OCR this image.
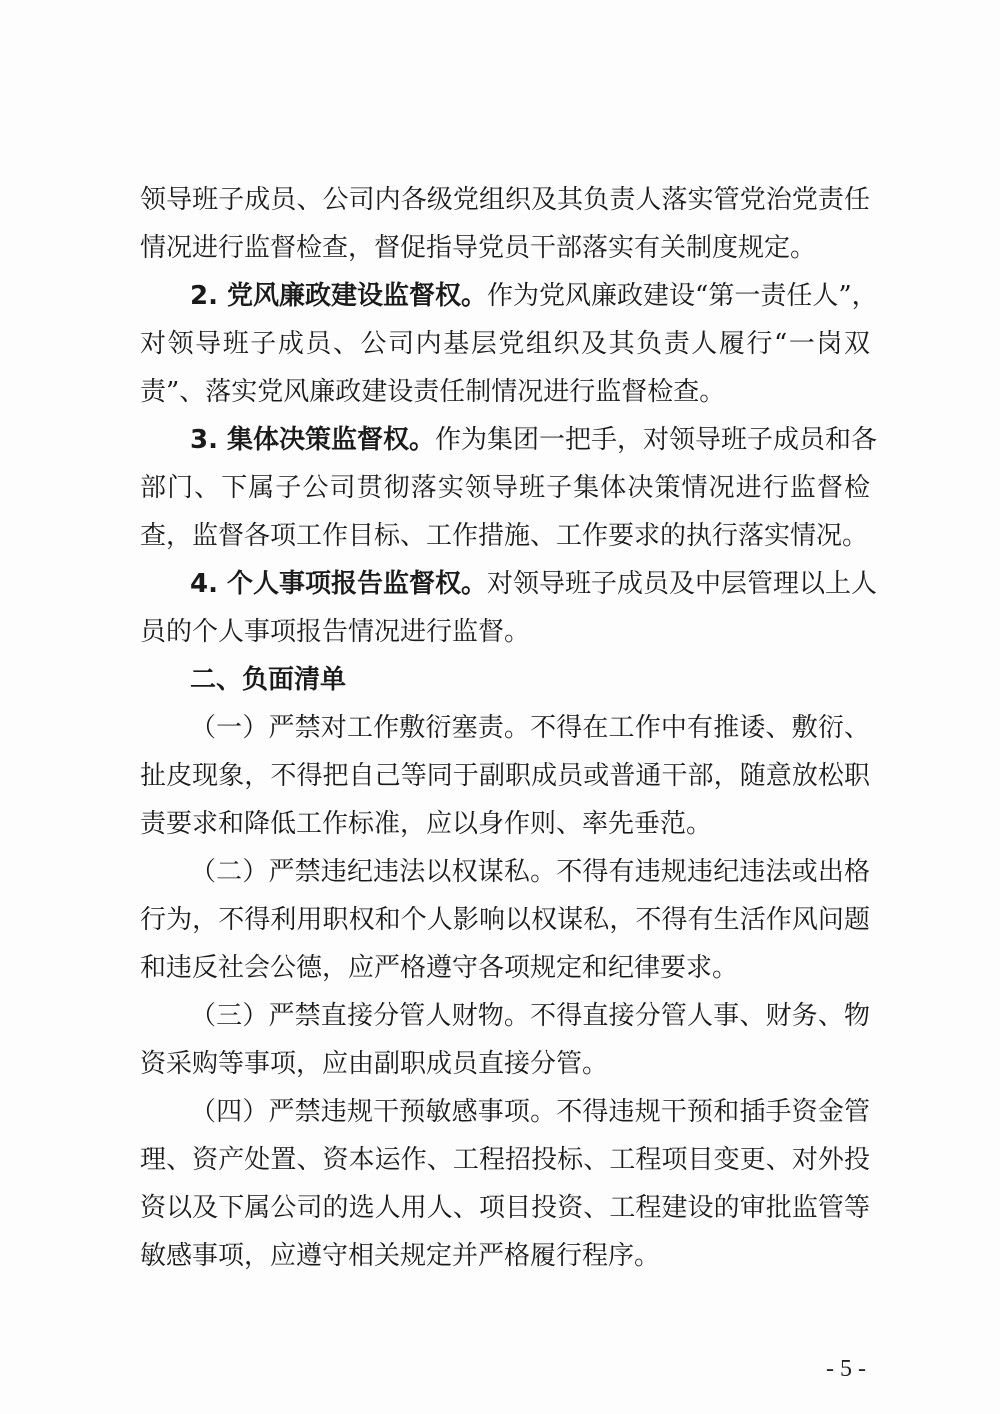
领导班子成员、公司内各级党组织及其负责人落实管党治党责任
情况进行监督检查，督促指导党员干部落实有关制度规定。
2. 党风廉政建设监督权。作为党风廉政建设“第一责任人”，
对领导班子成员、公司内基层党组织及其负责人履行“一岗双
责”、落实党风廉政建设责任制情况进行监督检查。
3. 集体决策监督权。作为集团一把手，对领导班子成员和各
部门、下属子公司贯彻落实领导班子集体决策情况进行监督检
查，监督各项工作目标、工作措施、工作要求的执行落实情况。
4. 个人事项报告监督权。对领导班子成员及中层管理以上人
员的个人事项报告情况进行监督。
二、负面清单
（一）严禁对工作敷衍塞责。不得在工作中有推诿、敷衍、
扯皮现象，不得把自己等同于副职成员或普通干部，随意放松职
责要求和降低工作标准，应以身作则、率先垂范。
（二）严禁违纪违法以权谋私。不得有违规违纪违法或出格
行为，不得利用职权和个人影响以权谋私，不得有生活作风问题
和违反社会公德，应严格遵守各项规定和纪律要求。
（三）严禁直接分管人财物。不得直接分管人事、财务、物
资采购等事项，应由副职成员直接分管。
（四）严禁违规干预敏感事项。不得违规干预和插手资金管
理、资产处置、资本运作、工程招投标、工程项目变更、对外投
资以及下属公司的选人用人、项目投资、工程建设的审批监管等
敏感事项，应遵守相关规定并严格履行程序。
- 5 -
